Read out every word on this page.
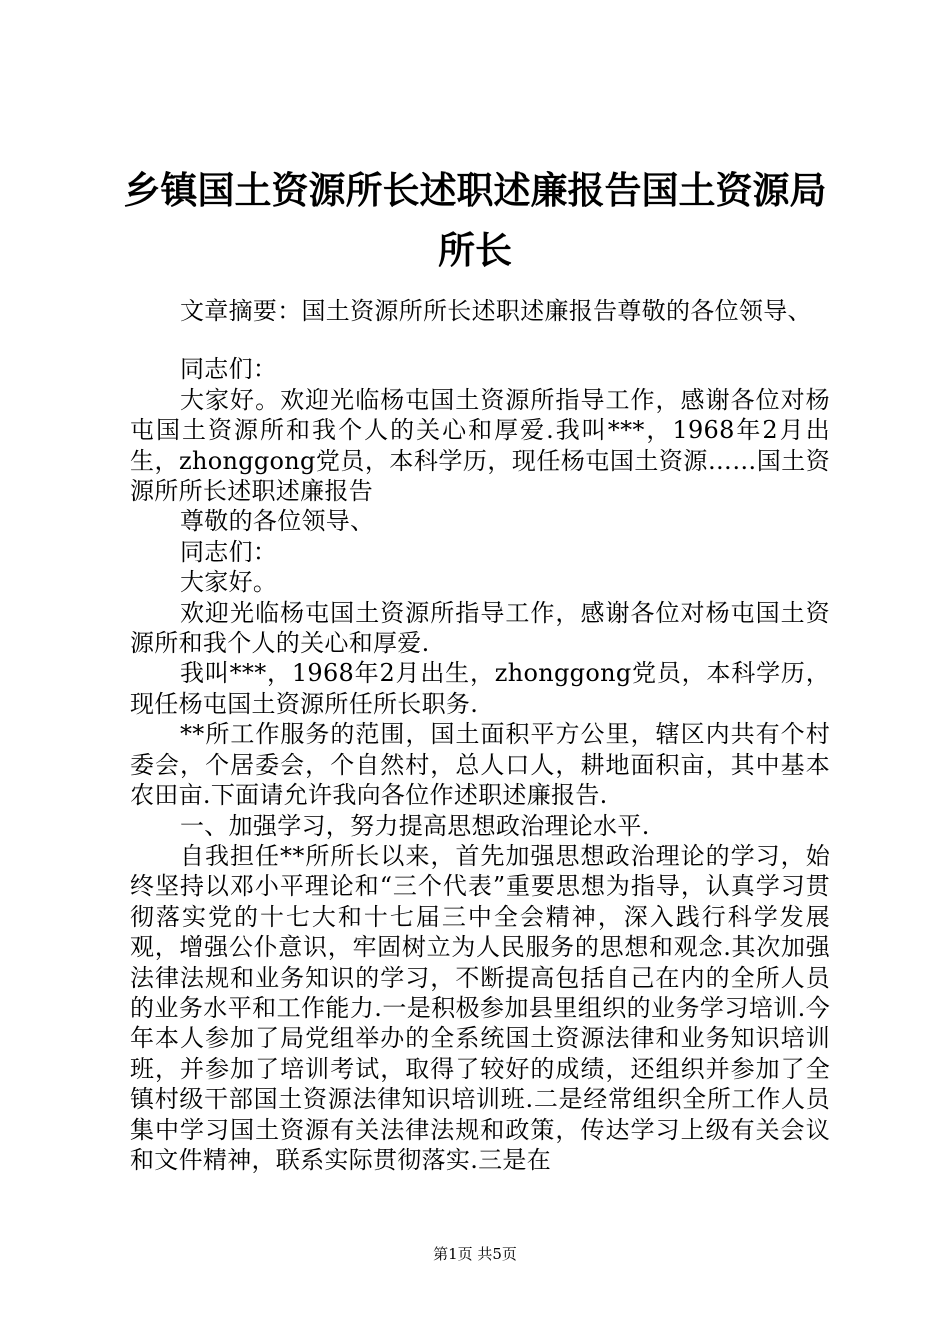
乡镇国土资源所长述职述廉报告国土资源局所长

文章摘要：国土资源所所长述职述廉报告尊敬的各位领导、

同志们：

大家好。欢迎光临杨屯国土资源所指导工作，感谢各位对杨屯国土资源所和我个人的关心和厚爱.我叫***，1968年2月出生，zhonggong党员，本科学历，现任杨屯国土资源……国土资源所所长述职述廉报告

尊敬的各位领导、

同志们：

大家好。

欢迎光临杨屯国土资源所指导工作，感谢各位对杨屯国土资源所和我个人的关心和厚爱.

我叫***，1968年2月出生，zhonggong党员，本科学历，现任杨屯国土资源所任所长职务.

**所工作服务的范围，国土面积平方公里，辖区内共有个村委会，个居委会，个自然村，总人口人，耕地面积亩，其中基本农田亩.下面请允许我向各位作述职述廉报告.

一、加强学习，努力提高思想政治理论水平.

自我担任**所所长以来，首先加强思想政治理论的学习，始终坚持以邓小平理论和“三个代表”重要思想为指导，认真学习贯彻落实党的十七大和十七届三中全会精神，深入践行科学发展观，增强公仆意识，牢固树立为人民服务的思想和观念.其次加强法律法规和业务知识的学习，不断提高包括自己在内的全所人员的业务水平和工作能力.一是积极参加县里组织的业务学习培训.今年本人参加了局党组举办的全系统国土资源法律和业务知识培训班，并参加了培训考试，取得了较好的成绩，还组织并参加了全镇村级干部国土资源法律知识培训班.二是经常组织全所工作人员集中学习国土资源有关法律法规和政策，传达学习上级有关会议和文件精神，联系实际贯彻落实.三是在

第1页 共5页
